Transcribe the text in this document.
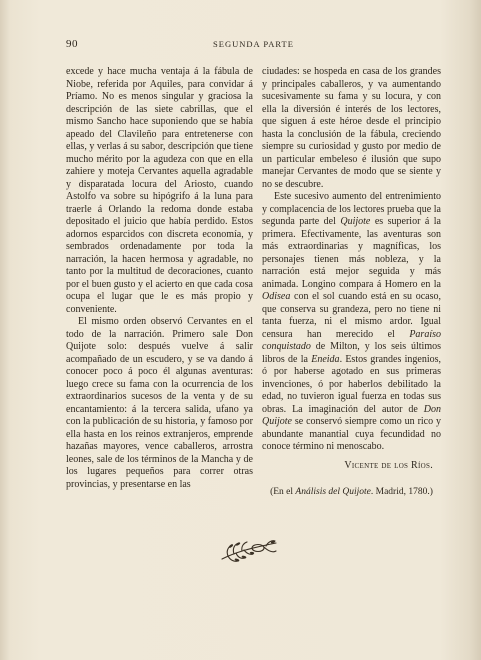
90	SEGUNDA PARTE

excede y hace mucha ventaja á la fábula de Niobe, referida por Aquiles, para convidar á Príamo. No es menos singular y graciosa la descripción de las siete cabrillas, que el mismo Sancho hace suponiendo que se había apeado del Clavileño para entretenerse con ellas, y verlas á su sabor, descripción que tiene mucho mérito por la agudeza con que en ella zahiere y moteja Cervantes aquella agradable y disparatada locura del Ariosto, cuando Astolfo va sobre su hipógrifo á la luna para traerle á Orlando la redoma donde estaba depositado el juicio que había perdido. Estos adornos esparcidos con discreta economía, y sembrados ordenadamente por toda la narración, la hacen hermosa y agradable, no tanto por la multitud de decoraciones, cuanto por el buen gusto y el acierto en que cada cosa ocupa el lugar que le es más propio y conveniente.

El mismo orden observó Cervantes en el todo de la narración. Primero sale Don Quijote solo: después vuelve á salir acompañado de un escudero, y se va dando á conocer poco á poco él algunas aventuras: luego crece su fama con la ocurrencia de los extraordinarios sucesos de la venta y de su encantamiento: á la tercera salida, ufano ya con la publicación de su historia, y famoso por ella hasta en los reinos extranjeros, emprende hazañas mayores, vence caballeros, arrostra leones, sale de los términos de la Mancha y de los lugares pequeños para correr otras provincias, y presentarse en las

ciudades: se hospeda en casa de los grandes y principales caballeros, y va aumentando sucesivamente su fama y su locura, y con ella la diversión é interés de los lectores, que siguen á este héroe desde el principio hasta la conclusión de la fábula, creciendo siempre su curiosidad y gusto por medio de un particular embeleso é ilusión que supo manejar Cervantes de modo que se siente y no se descubre.

Este sucesivo aumento del entrenimiento y complacencia de los lectores prueba que la segunda parte del Quijote es superior á la primera. Efectivamente, las aventuras son más extraordinarias y magníficas, los personajes tienen más nobleza, y la narración está mejor seguida y más animada. Longino compara á Homero en la Odisea con el sol cuando está en su ocaso, que conserva su grandeza, pero no tiene ni tanta fuerza, ni el mismo ardor. Igual censura han merecido el Paraíso conquistado de Milton, y los seis últimos libros de la Eneida. Estos grandes ingenios, ó por haberse agotado en sus primeras invenciones, ó por haberlos debilitado la edad, no tuvieron igual fuerza en todas sus obras. La imaginación del autor de Don Quijote se conservó siempre como un rico y abundante manantial cuya fecundidad no conoce término ni menoscabo.

Vicente de los Ríos.

(En el Análisis del Quijote. Madrid, 1780.)
